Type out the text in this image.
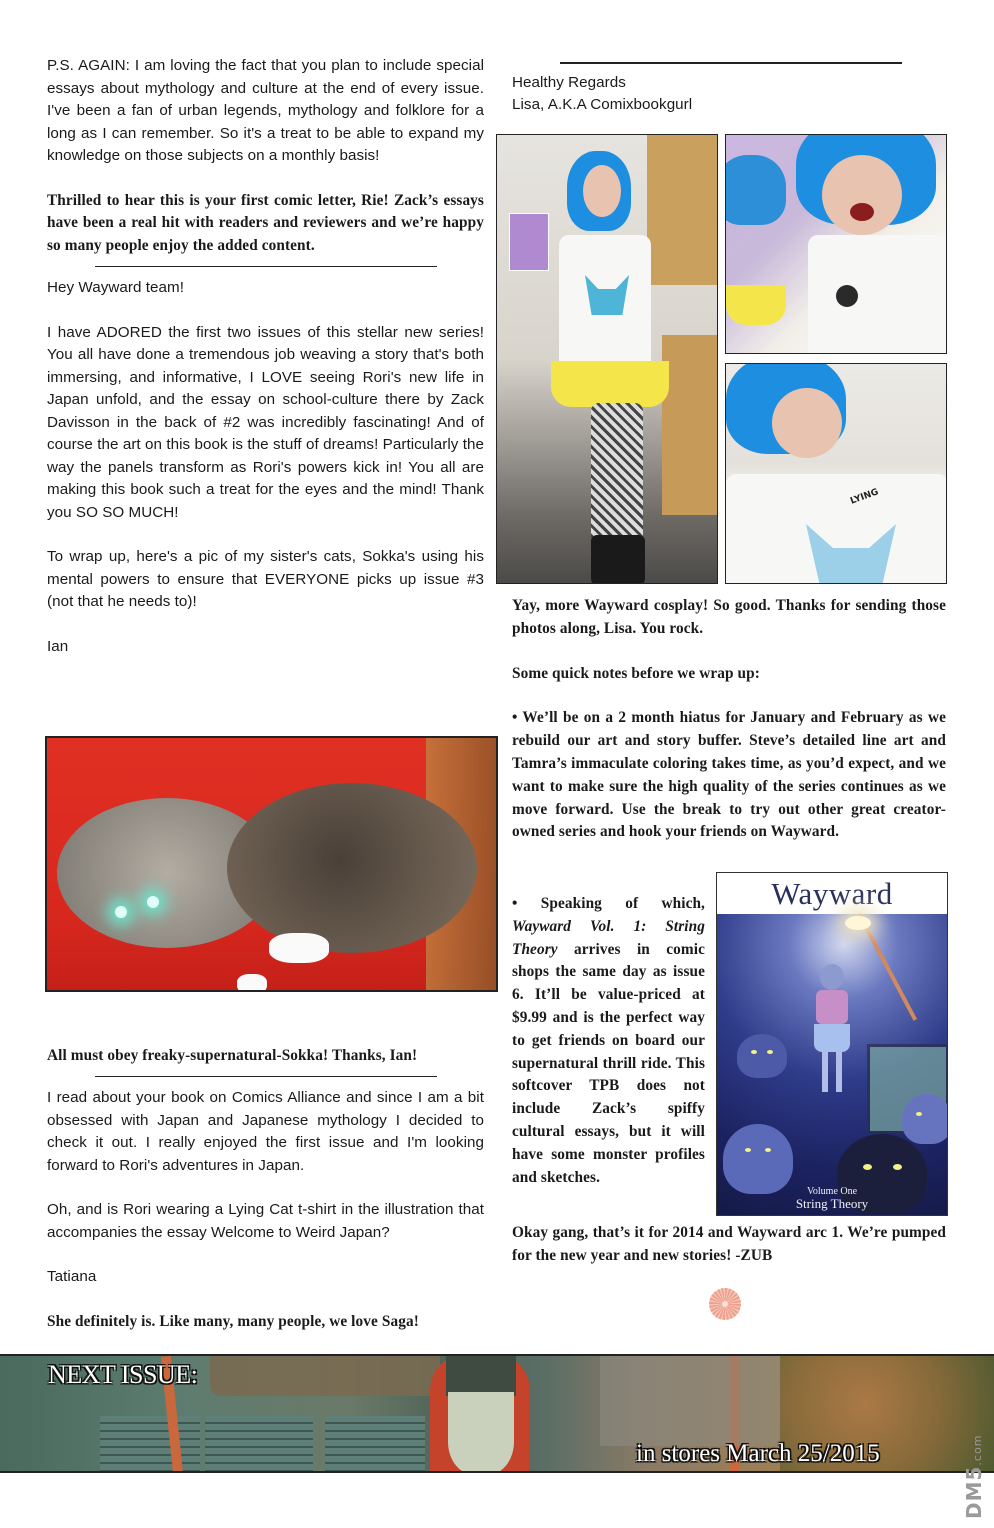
P.S. AGAIN: I am loving the fact that you plan to include special essays about mythology and culture at the end of every issue. I've been a fan of urban legends, mythology and folklore for a long as I can remember. So it's a treat to be able to expand my knowledge on those subjects on a monthly basis!

Thrilled to hear this is your first comic letter, Rie! Zack’s essays have been a real hit with readers and reviewers and we’re happy so many people enjoy the added content.

Hey Wayward team!

I have ADORED the first two issues of this stellar new series! You all have done a tremendous job weaving a story that's both immersing, and informative, I LOVE seeing Rori's new life in Japan unfold, and the essay on school-culture there by Zack Davisson in the back of #2 was incredibly fascinating! And of course the art on this book is the stuff of dreams! Particularly the way the panels transform as Rori's powers kick in! You all are making this book such a treat for the eyes and the mind! Thank you SO SO MUCH!

To wrap up, here's a pic of my sister's cats, Sokka's using his mental powers to ensure that EVERYONE picks up issue #3 (not that he needs to)!

Ian

All must obey freaky-supernatural-Sokka! Thanks, Ian!

I read about your book on Comics Alliance and since I am a bit obsessed with Japan and Japanese mythology I decided to check it out. I really enjoyed the first issue and I'm looking forward to Rori's adventures in Japan.

Oh, and is Rori wearing a Lying Cat t-shirt in the illustration that accompanies the essay Welcome to Weird Japan?

Tatiana

She definitely is. Like many, many people, we love Saga!

Healthy Regards

Lisa, A.K.A Comixbookgurl

LYING

Yay, more Wayward cosplay! So good. Thanks for sending those photos along, Lisa. You rock.

Some quick notes before we wrap up:

• We’ll be on a 2 month hiatus for January and February as we rebuild our art and story buffer. Steve’s detailed line art and Tamra’s immaculate coloring takes time, as you’d expect, and we want to make sure the high quality of the series continues as we move forward. Use the break to try out other great creator-owned series and hook your friends on Wayward.

• Speaking of which, Wayward Vol. 1: String Theory arrives in comic shops the same day as issue 6. It’ll be value-priced at $9.99 and is the perfect way to get friends on board our supernatural thrill ride. This softcover TPB does not include Zack’s spiffy cultural essays, but it will have some monster profiles and sketches.

Wayward
Volume One
String Theory

Okay gang, that’s it for 2014 and Wayward arc 1. We’re pumped for the new year and new stories! -ZUB

NEXT ISSUE:
in stores March 25/2015
DM5.com
